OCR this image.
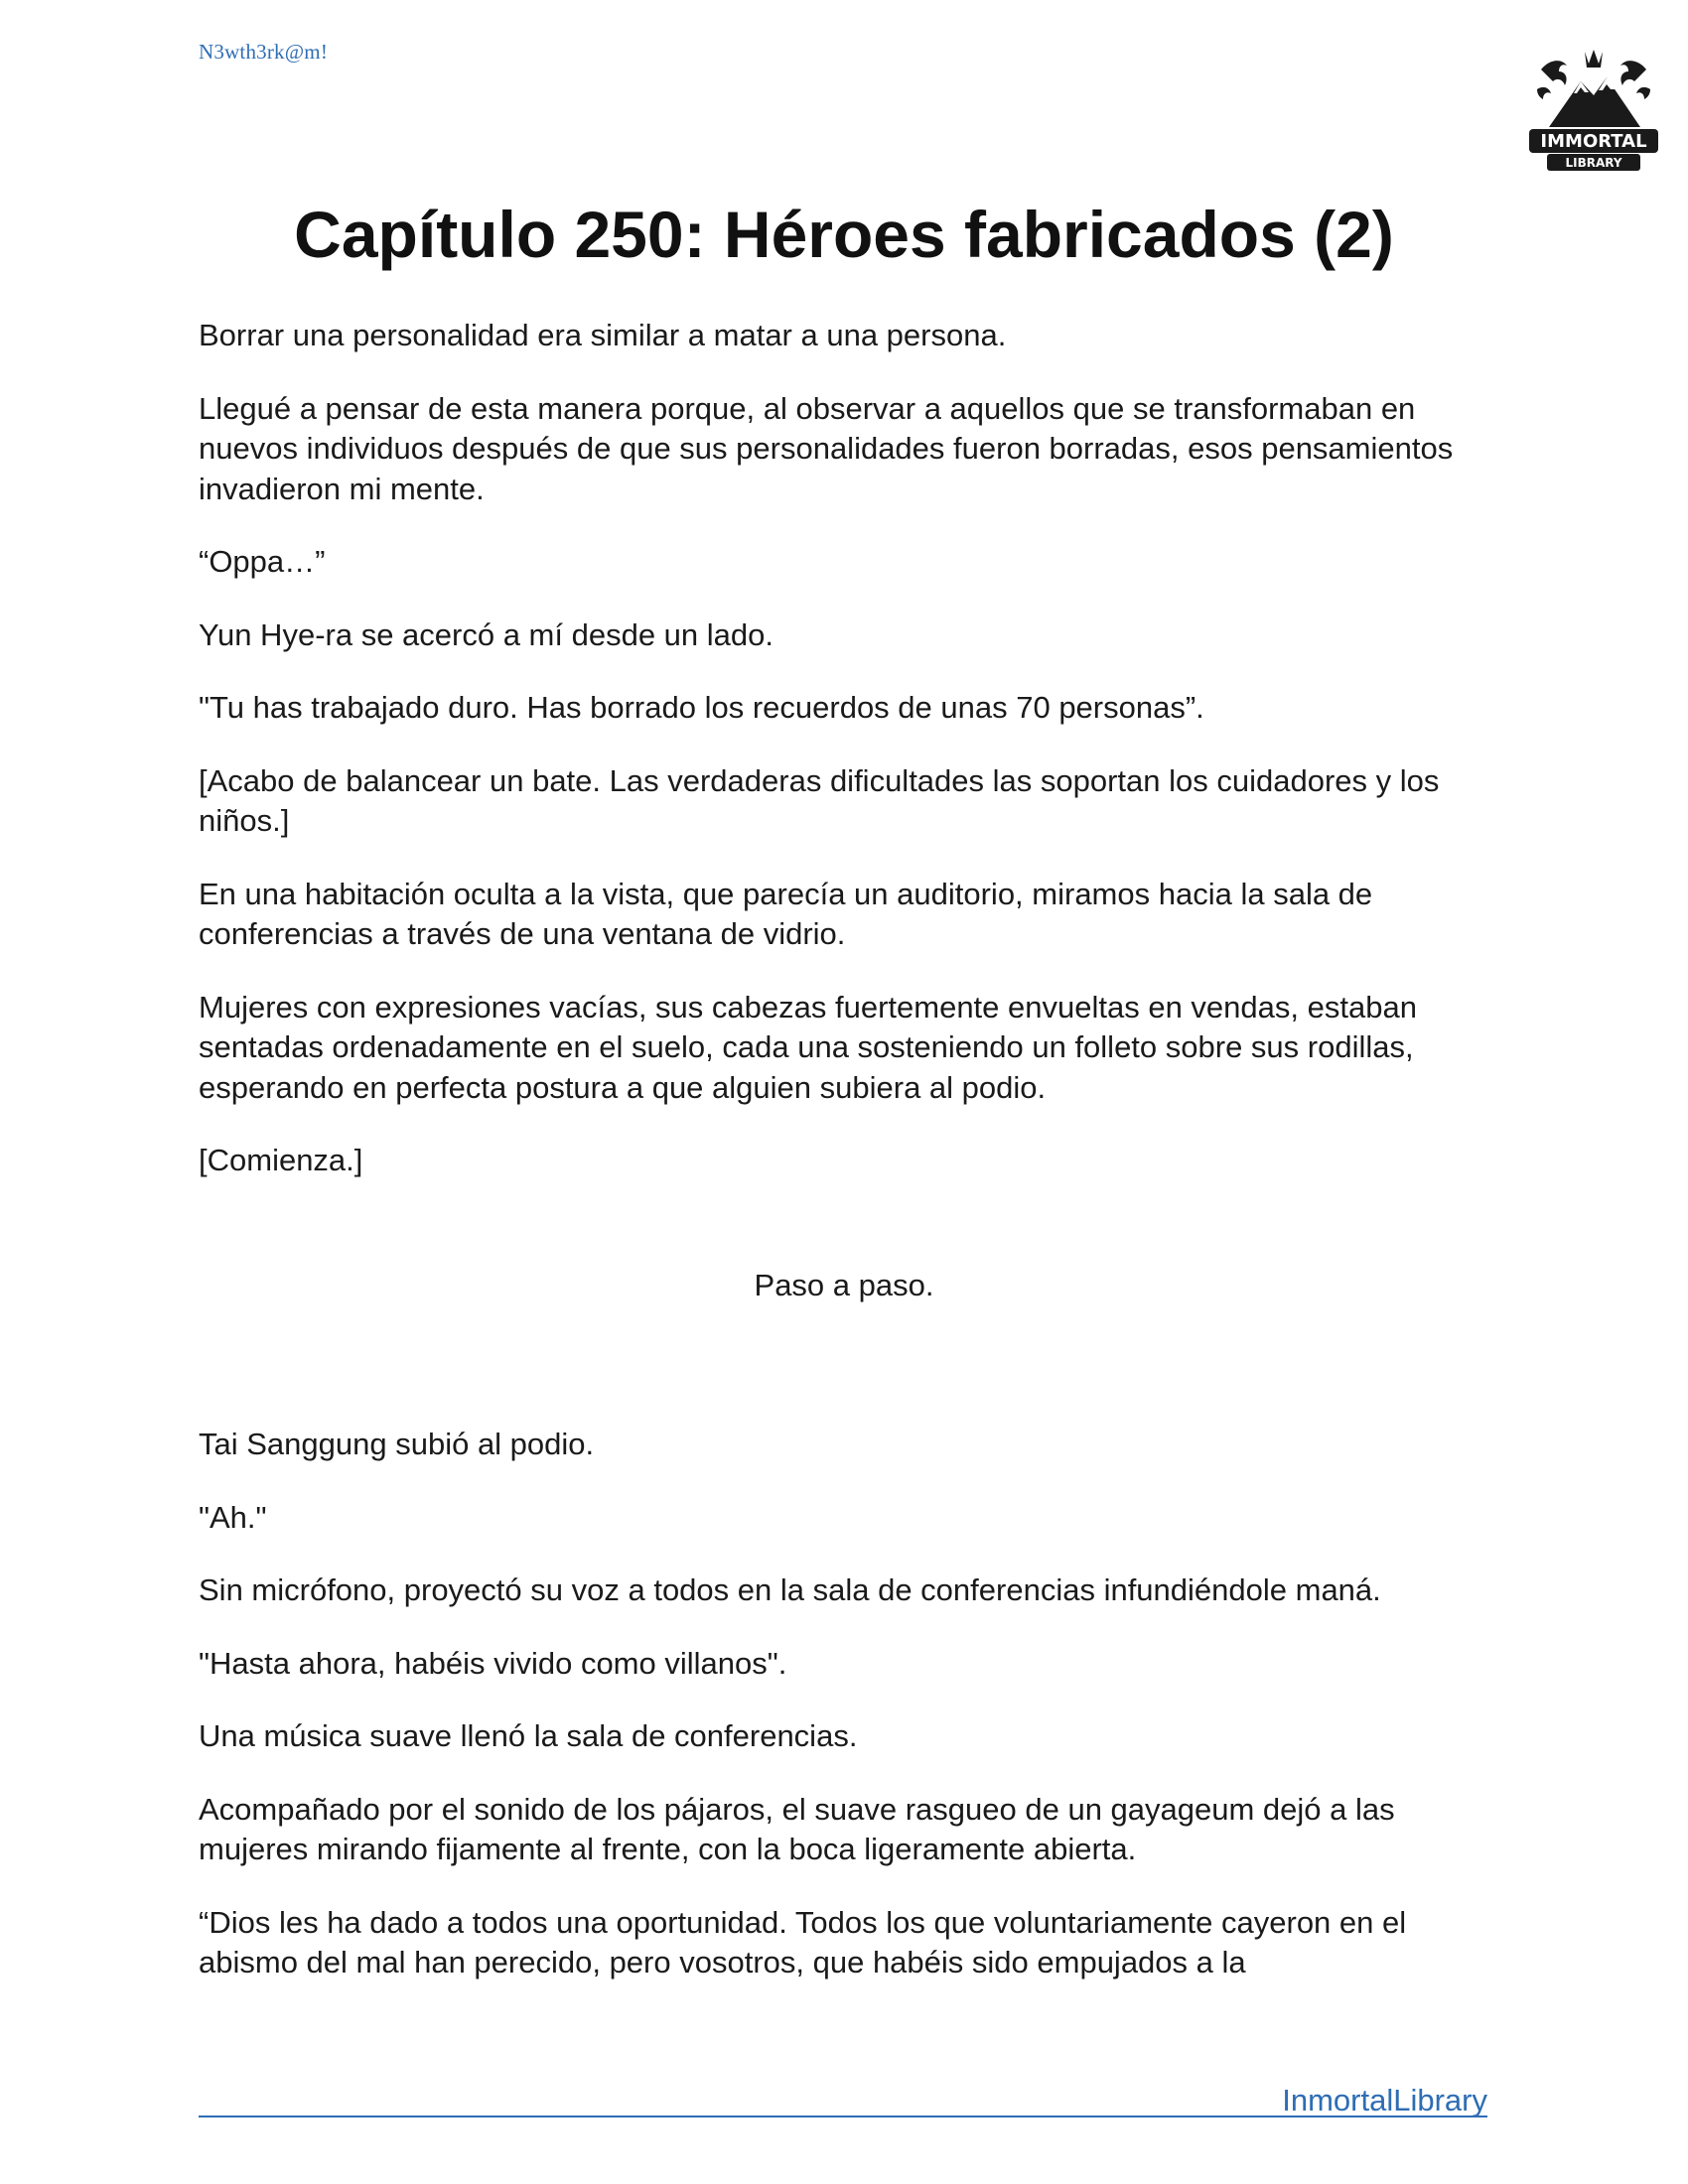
N3wth3rk@m!
IMMORTAL
LIBRARY
Capítulo 250: Héroes fabricados (2)

Borrar una personalidad era similar a matar a una persona.

Llegué a pensar de esta manera porque, al observar a aquellos que se transformaban en nuevos individuos después de que sus personalidades fueron borradas, esos pensamientos invadieron mi mente.

“Oppa…”

Yun Hye-ra se acercó a mí desde un lado.

"Tu has trabajado duro. Has borrado los recuerdos de unas 70 personas”.

[Acabo de balancear un bate. Las verdaderas dificultades las soportan los cuidadores y los niños.]

En una habitación oculta a la vista, que parecía un auditorio, miramos hacia la sala de conferencias a través de una ventana de vidrio.

Mujeres con expresiones vacías, sus cabezas fuertemente envueltas en vendas, estaban sentadas ordenadamente en el suelo, cada una sosteniendo un folleto sobre sus rodillas, esperando en perfecta postura a que alguien subiera al podio.

[Comienza.]

Paso a paso.

Tai Sanggung subió al podio.

"Ah."

Sin micrófono, proyectó su voz a todos en la sala de conferencias infundiéndole maná.

"Hasta ahora, habéis vivido como villanos".

Una música suave llenó la sala de conferencias.

Acompañado por el sonido de los pájaros, el suave rasgueo de un gayageum dejó a las mujeres mirando fijamente al frente, con la boca ligeramente abierta.

“Dios les ha dado a todos una oportunidad. Todos los que voluntariamente cayeron en el abismo del mal han perecido, pero vosotros, que habéis sido empujados a la

InmortalLibrary
